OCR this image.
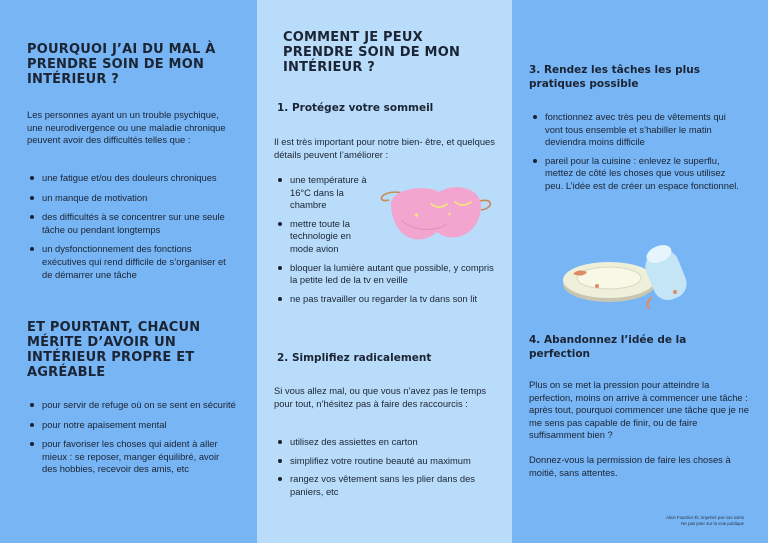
POURQUOI J’AI DU MAL À PRENDRE SOIN DE MON INTÉRIEUR ?
Les personnes ayant un un trouble psychique, une neurodivergence ou une maladie chronique peuvent avoir des difficultés telles que :
une fatigue et/ou des douleurs chroniques
un manque de motivation
des difficultés à se concentrer sur une seule tâche ou pendant longtemps
un dysfonctionnement des fonctions exécutives qui rend difficile de s’organiser et de démarrer une tâche
ET POURTANT, CHACUN MÉRITE D’AVOIR UN INTÉRIEUR PROPRE ET AGRÉABLE
pour servir de refuge où on se sent en sécurité
pour notre apaisement mental
pour favoriser les choses qui aident à aller mieux : se reposer, manger équilibré, avoir des hobbies, recevoir des amis, etc
COMMENT JE PEUX PRENDRE SOIN DE MON INTÉRIEUR ?
1. Protégez votre sommeil
Il est très important pour notre bien- être, et quelques détails peuvent l’améliorer :
une température à 16°C dans la chambre
mettre toute la technologie en mode avion
bloquer la lumière autant que possible, y compris la petite led de la tv en veille
ne pas travailler ou regarder la tv dans son lit
2. Simplifiez radicalement
Si vous allez mal, ou que vous n’avez pas le temps pour tout, n’hésitez pas à faire des raccourcis :
utilisez des assiettes en carton
simplifiez votre routine beauté au maximum
rangez vos vêtement sans les plier dans des paniers, etc
✦	✦
3. Rendez les tâches les plus pratiques possible
fonctionnez avec très peu de vêtements qui vont tous ensemble et s’habiller le matin deviendra moins difficile
pareil pour la cuisine : enlevez le superflu, mettez de côté les choses que vous utilisez peu. L’idée est de créer un espace fonctionnel.
4. Abandonnez l’idée de la perfection
Plus on se met la pression pour atteindre la perfection, moins on arrive à commencer une tâche : après tout, pourquoi commencer une tâche que je ne me sens pas capable de finir, ou de faire suffisamment bien ?
Donnez-vous la permission de faire les choses à moitié, sans attentes.
Alice Fournier EI, imprimé par nos soins
Ne pas jeter sur la voie publique
